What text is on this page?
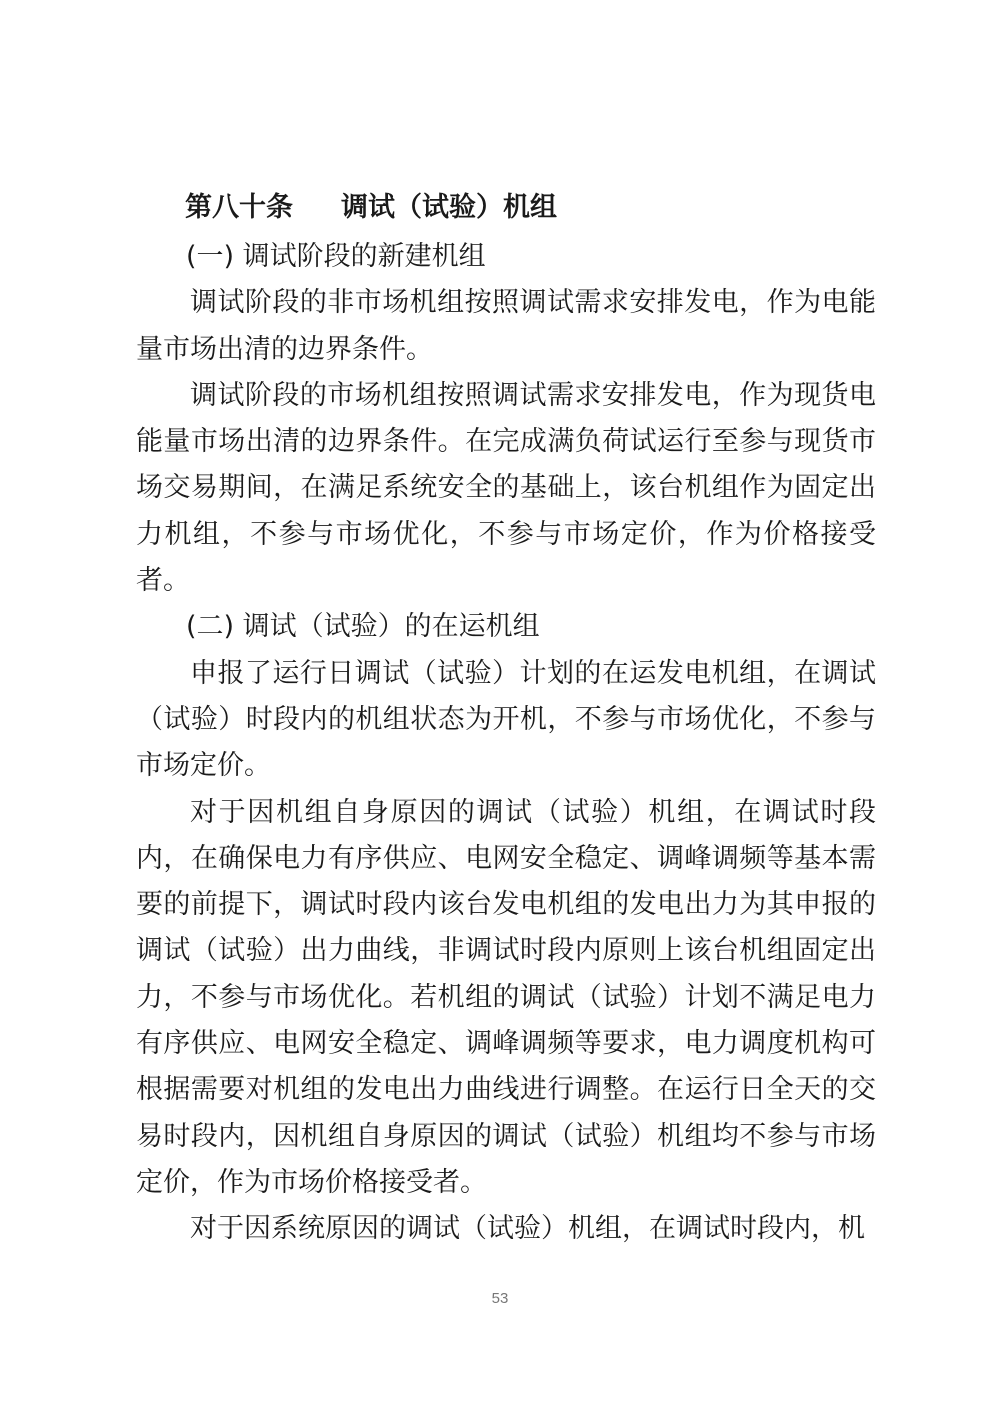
第八十条 调试（试验）机组

(一) 调试阶段的新建机组

调试阶段的非市场机组按照调试需求安排发电，作为电能量市场出清的边界条件。

调试阶段的市场机组按照调试需求安排发电，作为现货电能量市场出清的边界条件。在完成满负荷试运行至参与现货市场交易期间，在满足系统安全的基础上，该台机组作为固定出力机组，不参与市场优化，不参与市场定价，作为价格接受者。

(二) 调试（试验）的在运机组

申报了运行日调试（试验）计划的在运发电机组，在调试（试验）时段内的机组状态为开机，不参与市场优化，不参与市场定价。

对于因机组自身原因的调试（试验）机组，在调试时段内，在确保电力有序供应、电网安全稳定、调峰调频等基本需要的前提下，调试时段内该台发电机组的发电出力为其申报的调试（试验）出力曲线，非调试时段内原则上该台机组固定出力，不参与市场优化。若机组的调试（试验）计划不满足电力有序供应、电网安全稳定、调峰调频等要求，电力调度机构可根据需要对机组的发电出力曲线进行调整。在运行日全天的交易时段内，因机组自身原因的调试（试验）机组均不参与市场定价，作为市场价格接受者。

对于因系统原因的调试（试验）机组，在调试时段内，机

53
